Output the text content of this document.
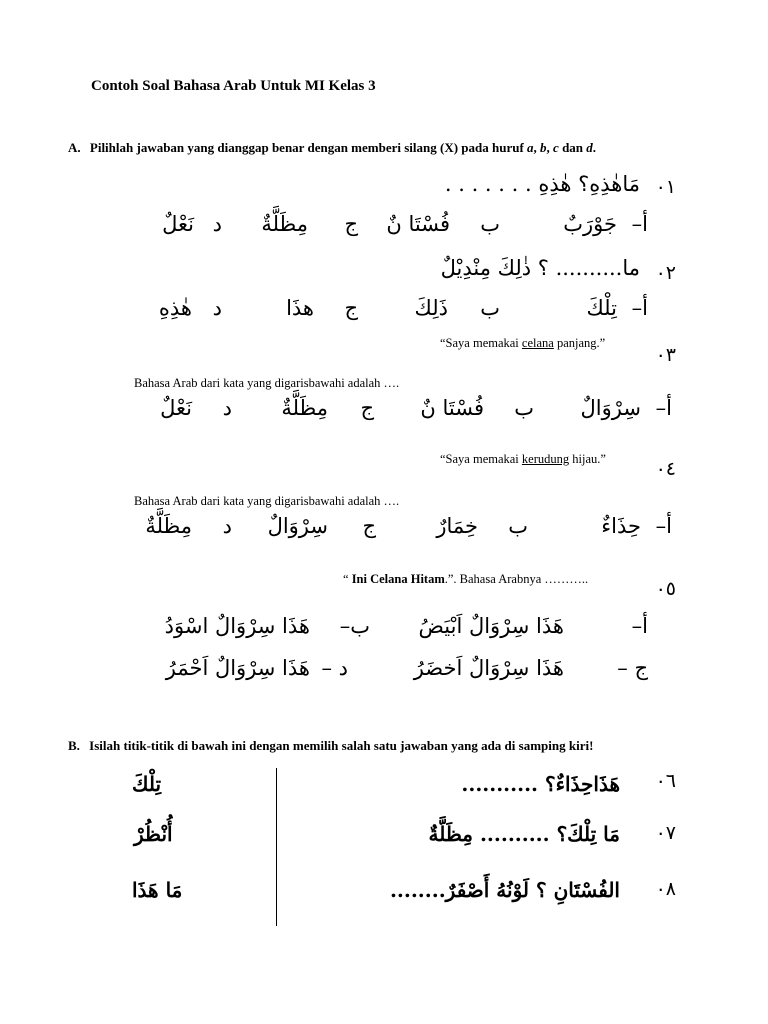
Contoh Soal Bahasa Arab Untuk MI Kelas 3
A. Pilihlah jawaban yang dianggap benar dengan memberi silang (X) pada huruf a, b, c dan d.
٠١
مَاهٰذِهِ؟ هٰذِهِ . . . . . . .
أ– جَوْرَبٌ
ب
فُسْتَا نٌ
ج
مِظَلَّةٌ
د
نَعْلٌ
٠٢
ما.......... ؟ ذٰلِكَ مِنْدِيْلٌ
أ– تِلْكَ
ب
ذَلِكَ
ج
هذَا
د
هٰذِهِ
٠٣
“Saya memakai celana panjang.”
Bahasa Arab dari kata yang digarisbawahi adalah ….
أ– سِرْوَالٌ
ب
فُسْتَا نٌ
ج
مِظَلَّةٌ
د
نَعْلٌ
٠٤
“Saya memakai kerudung hijau.”
Bahasa Arab dari kata yang digarisbawahi adalah ….
أ– حِذَاءٌ
ب
خِمَارٌ
ج
سِرْوَالٌ
د
مِظَلَّةٌ
٠٥
“ Ini Celana Hitam.”. Bahasa Arabnya ………..
أ–
هَذَا سِرْوَالٌ اَبْيَضُ
ب–
هَذَا سِرْوَالٌ اسْوَدُ
ج –
هَذَا سِرْوَالٌ اَخضَرُ
د –
هَذَا سِرْوَالٌ اَحْمَرُ
B. Isilah titik-titik di bawah ini dengan memilih salah satu jawaban yang ada di samping kiri!
٠٦
هَذَاحِذَاءٌ؟ ...........
تِلْكَ
٠٧
مَا تِلْكَ؟ .......... مِظَلَّةٌ
أُنْظُرْ
٠٨
الفُسْتَانِ ؟ لَوْنُهُ أَصْفَرٌ........
مَا هَذَا
